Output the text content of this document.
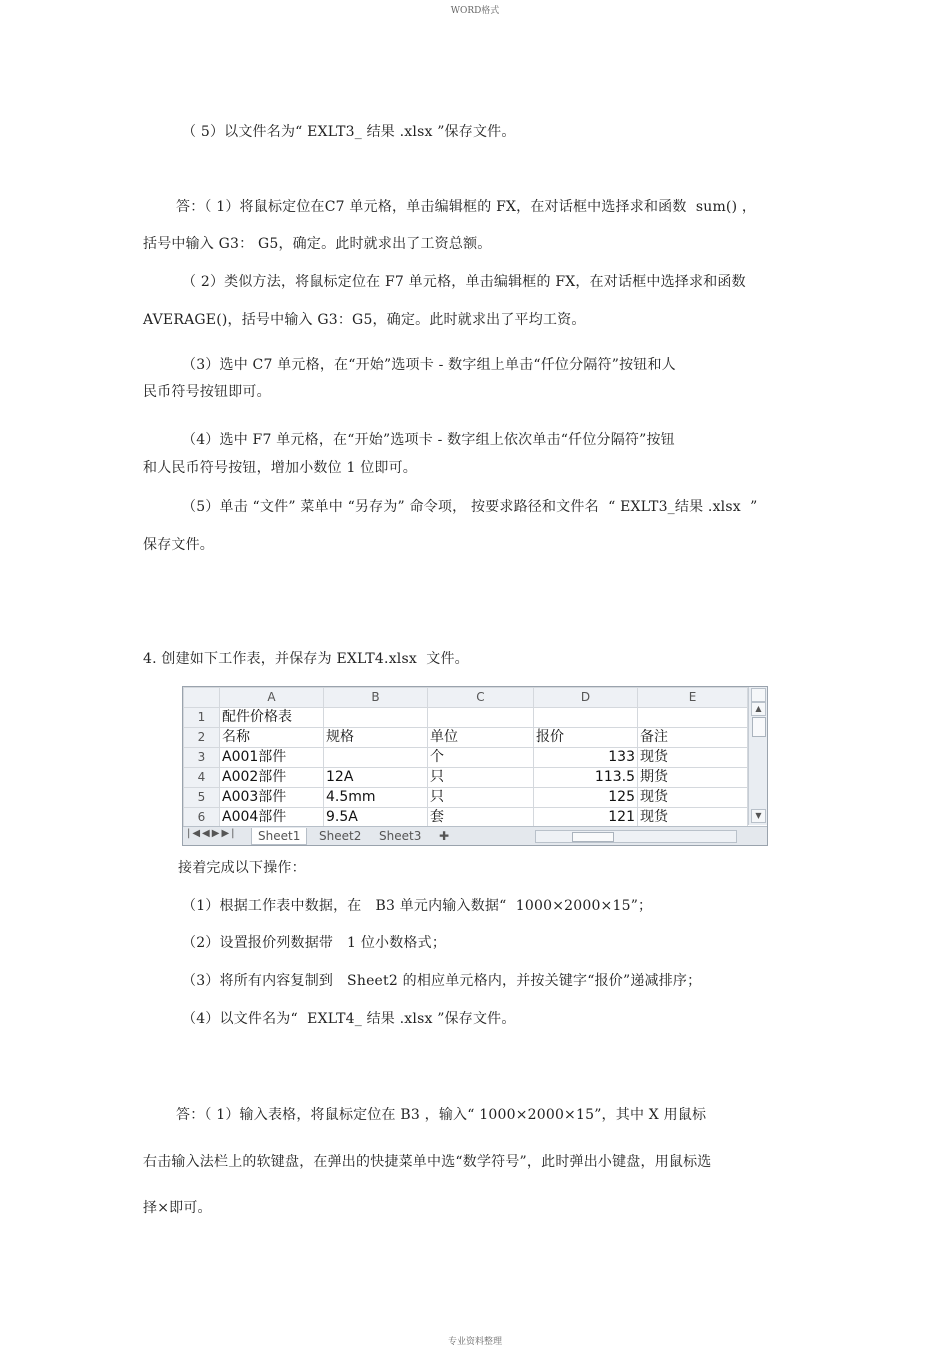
WORD格式
（ 5）以文件名为“ EXLT3_ 结果 .xlsx ”保存文件。
答：（ 1）将鼠标定位在C7 单元格，单击编辑框的 FX，在对话框中选择求和函数  sum() ，
括号中输入 G3： G5，确定。此时就求出了工资总额。
（ 2）类似方法，将鼠标定位在 F7 单元格，单击编辑框的 FX，在对话框中选择求和函数
AVERAGE()，括号中输入 G3：G5，确定。此时就求出了平均工资。
（3）选中 C7 单元格，在“开始”选项卡 - 数字组上单击“仟位分隔符”按钮和人
民币符号按钮即可。
（4）选中 F7 单元格，在“开始”选项卡 - 数字组上依次单击“仟位分隔符”按钮
和人民币符号按钮，增加小数位 1 位即可。
（5）单击 “文件” 菜单中 “另存为” 命令项， 按要求路径和文件名  “ EXLT3_结果 .xlsx  ”
保存文件。
4. 创建如下工作表，并保存为 EXLT4.xlsx  文件。
	A	B	C	D	E
1	配件价格表				
2	名称	规格	单位	报价	备注
3	A001部件		个	133	现货
4	A002部件	12A	只	113.5	期货
5	A003部件	4.5mm	只	125	现货
6	A004部件	9.5A	套	121	现货
▲
▼
|◀◀▶▶|	Sheet1	Sheet2	Sheet3	✚
接着完成以下操作：
（1）根据工作表中数据，在   B3 单元内输入数据“  1000×2000×15”；
（2）设置报价列数据带   1 位小数格式；
（3）将所有内容复制到   Sheet2 的相应单元格内，并按关键字“报价”递减排序；
（4）以文件名为“  EXLT4_ 结果 .xlsx ”保存文件。
答：（ 1）输入表格，将鼠标定位在 B3 ，输入“ 1000×2000×15”，其中 X 用鼠标
右击输入法栏上的软键盘，在弹出的快捷菜单中选“数学符号”，此时弹出小键盘，用鼠标选
择×即可。
专业资料整理
